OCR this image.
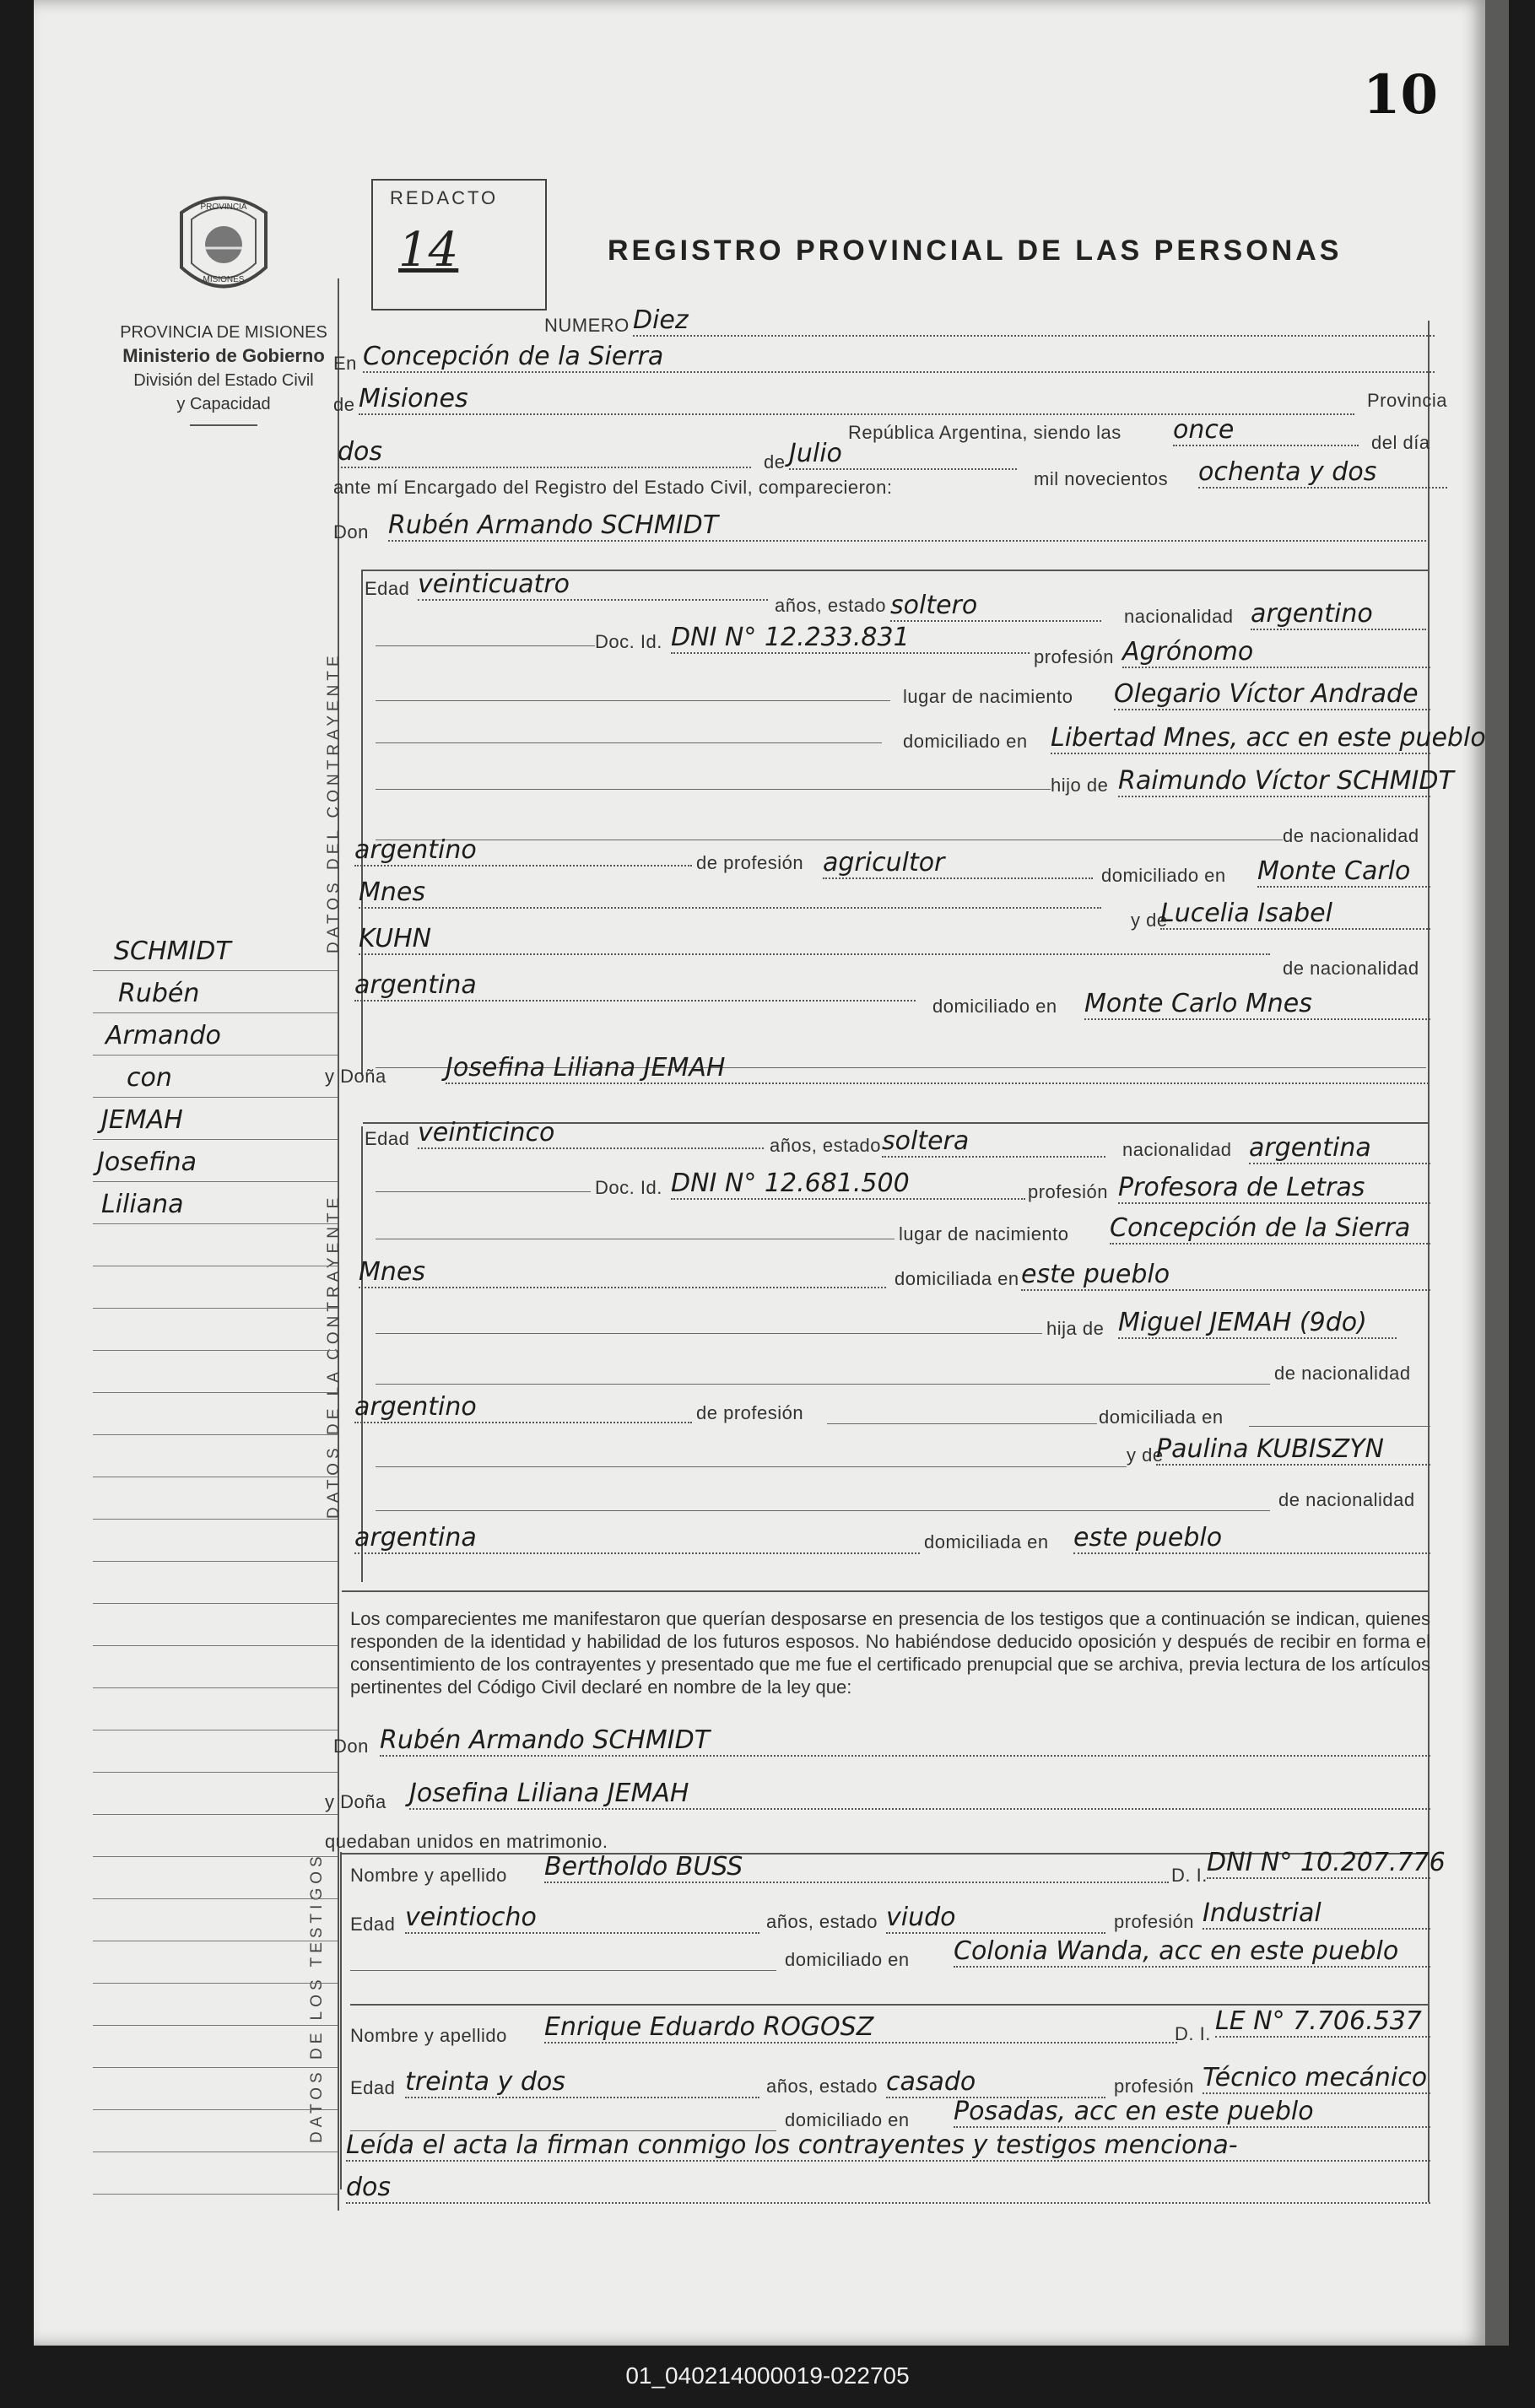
10
PROVINCIA
MISIONES
PROVINCIA DE MISIONES
Ministerio de Gobierno
División del Estado Civil
y Capacidad
REDACTO
14	REGISTRO PROVINCIAL DE LAS PERSONAS
DATOS DEL CONTRAYENTE
DATOS DE LA CONTRAYENTE
DATOS DE LOS TESTIGOS
NUMERO Diez
En Concepción de la Sierra
de Misiones	Provincia
República Argentina, siendo las once	del día
dos	de Julio
mil novecientos ochenta y dos
ante mí Encargado del Registro del Estado Civil, comparecieron:
Don Rubén Armando SCHMIDT
Edad veinticuatro
años, estado soltero	nacionalidad argentino
Doc. Id. DNI N° 12.233.831
profesión Agrónomo
lugar de nacimiento Olegario Víctor Andrade
domiciliado en Libertad Mnes, acc en este pueblo
hijo de Raimundo Víctor SCHMIDT
de nacionalidad
argentino	de profesión agricultor	domiciliado en Monte Carlo
Mnes
y de
Lucelia Isabel
KUHN
de nacionalidad
argentina
domiciliado en Monte Carlo Mnes
y Doña Josefina Liliana JEMAH
Edad veinticinco	años, estado soltera	nacionalidad argentina
Doc. Id. DNI N° 12.681.500	profesión Profesora de Letras
lugar de nacimiento Concepción de la Sierra
Mnes	domiciliada en este pueblo
hija de Miguel JEMAH (9do)
de nacionalidad
argentino	de profesión	domiciliada en
y de
Paulina KUBISZYN
de nacionalidad
argentina	domiciliada en este pueblo
Los comparecientes me manifestaron que querían desposarse en presencia de los testigos que a continuación se indican, quienes responden de la identidad y habilidad de los futuros esposos. No habiéndose deducido oposición y después de recibir en forma el consentimiento de los contrayentes y presentado que me fue el certificado prenupcial que se archiva, previa lectura de los artículos pertinentes del Código Civil declaré en nombre de la ley que:
Don Rubén Armando SCHMIDT
y Doña Josefina Liliana JEMAH
quedaban unidos en matrimonio.
Nombre y apellido Bertholdo BUSS	D. I. DNI N° 10.207.776
Edad veintiocho	años, estado viudo	profesión Industrial
domiciliado en Colonia Wanda, acc en este pueblo
Nombre y apellido Enrique Eduardo ROGOSZ	D. I. LE N° 7.706.537
Edad treinta y dos	años, estado casado	profesión Técnico mecánico
domiciliado en Posadas, acc en este pueblo
Leída el acta la firman conmigo los contrayentes y testigos menciona-
dos
SCHMIDT
Rubén
Armando
con
JEMAH
Josefina
Liliana
01_040214000019-022705
